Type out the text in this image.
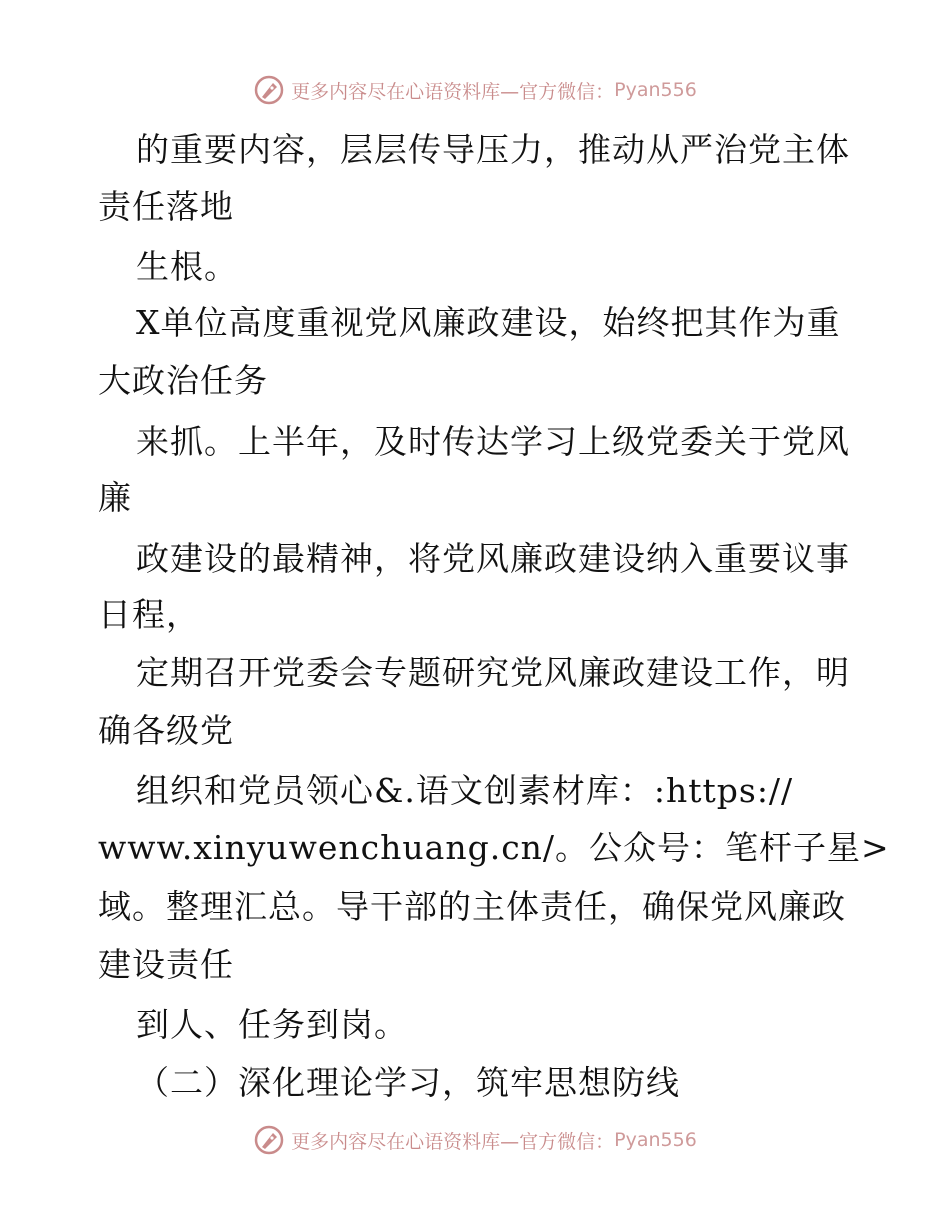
更多内容尽在心语资料库—官方微信： Pyan556
的重要内容，层层传导压力，推动从严治党主体
责任落地
生根。
X单位高度重视党风廉政建设，始终把其作为重
大政治任务
来抓。上半年，及时传达学习上级党委关于党风
廉
政建设的最精神，将党风廉政建设纳入重要议事
日程，
定期召开党委会专题研究党风廉政建设工作，明
确各级党
组织和党员领心&.语文创素材库：:https://
www.xinyuwenchuang.cn/。公众号：笔杆子星>
域。整理汇总。导干部的主体责任，确保党风廉政
建设责任
到人、任务到岗。
（二）深化理论学习，筑牢思想防线
更多内容尽在心语资料库—官方微信： Pyan556
